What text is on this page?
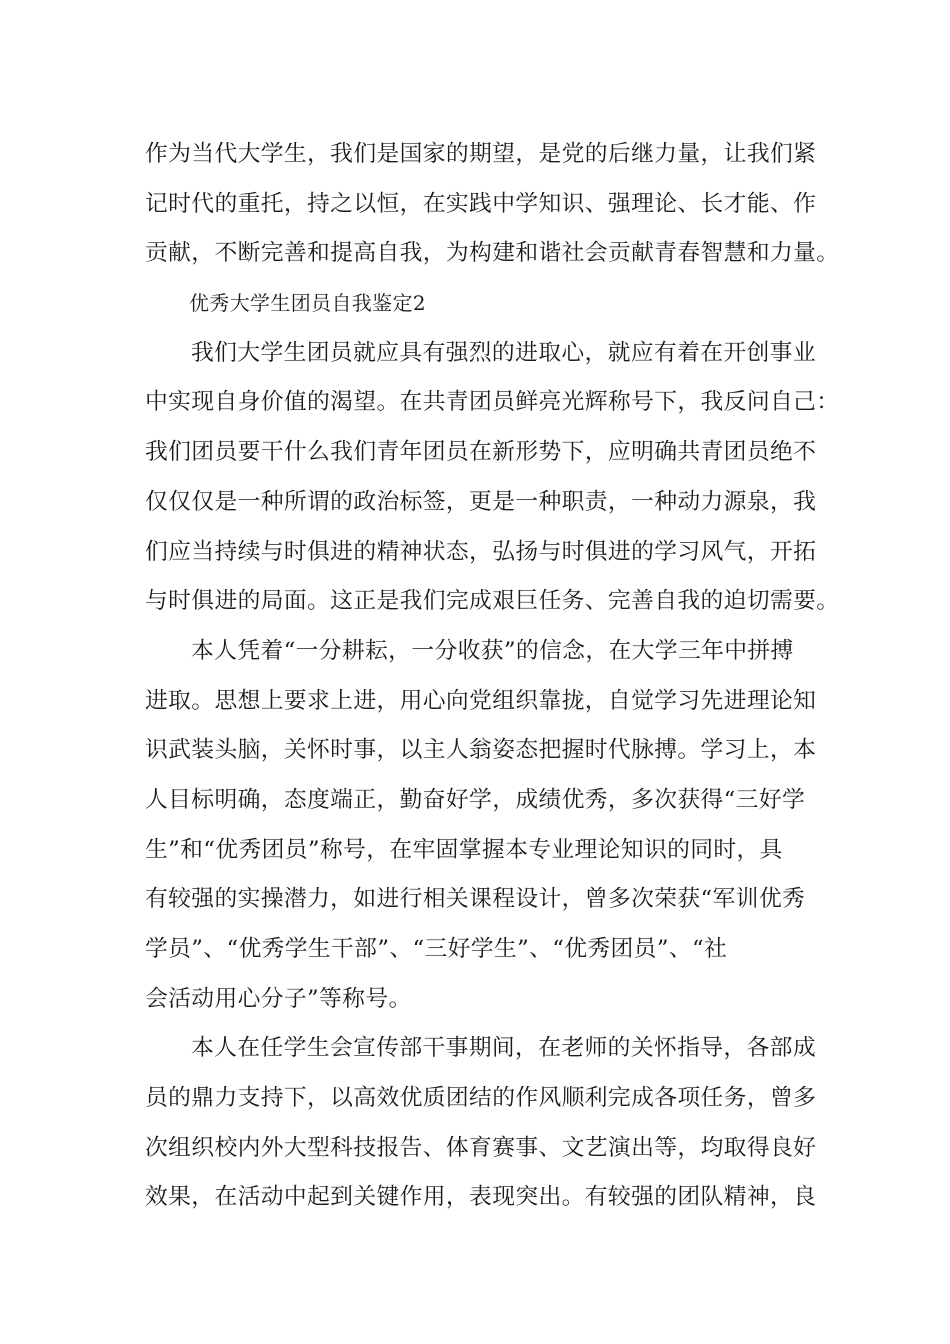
作为当代大学生，我们是国家的期望，是党的后继力量，让我们紧
记时代的重托，持之以恒，在实践中学知识、强理论、长才能、作
贡献，不断完善和提高自我，为构建和谐社会贡献青春智慧和力量。
优秀大学生团员自我鉴定2
我们大学生团员就应具有强烈的进取心，就应有着在开创事业
中实现自身价值的渴望。在共青团员鲜亮光辉称号下，我反问自己：
我们团员要干什么我们青年团员在新形势下，应明确共青团员绝不
仅仅仅是一种所谓的政治标签，更是一种职责，一种动力源泉，我
们应当持续与时俱进的精神状态，弘扬与时俱进的学习风气，开拓
与时俱进的局面。这正是我们完成艰巨任务、完善自我的迫切需要。
本人凭着“一分耕耘，一分收获”的信念，在大学三年中拼搏
进取。思想上要求上进，用心向党组织靠拢，自觉学习先进理论知
识武装头脑，关怀时事，以主人翁姿态把握时代脉搏。学习上，本
人目标明确，态度端正，勤奋好学，成绩优秀，多次获得“三好学
生”和“优秀团员”称号，在牢固掌握本专业理论知识的同时，具
有较强的实操潜力，如进行相关课程设计，曾多次荣获“军训优秀
学员”、“优秀学生干部”、“三好学生”、“优秀团员”、“社
会活动用心分子”等称号。
本人在任学生会宣传部干事期间，在老师的关怀指导，各部成
员的鼎力支持下，以高效优质团结的作风顺利完成各项任务，曾多
次组织校内外大型科技报告、体育赛事、文艺演出等，均取得良好
效果，在活动中起到关键作用，表现突出。有较强的团队精神，良
